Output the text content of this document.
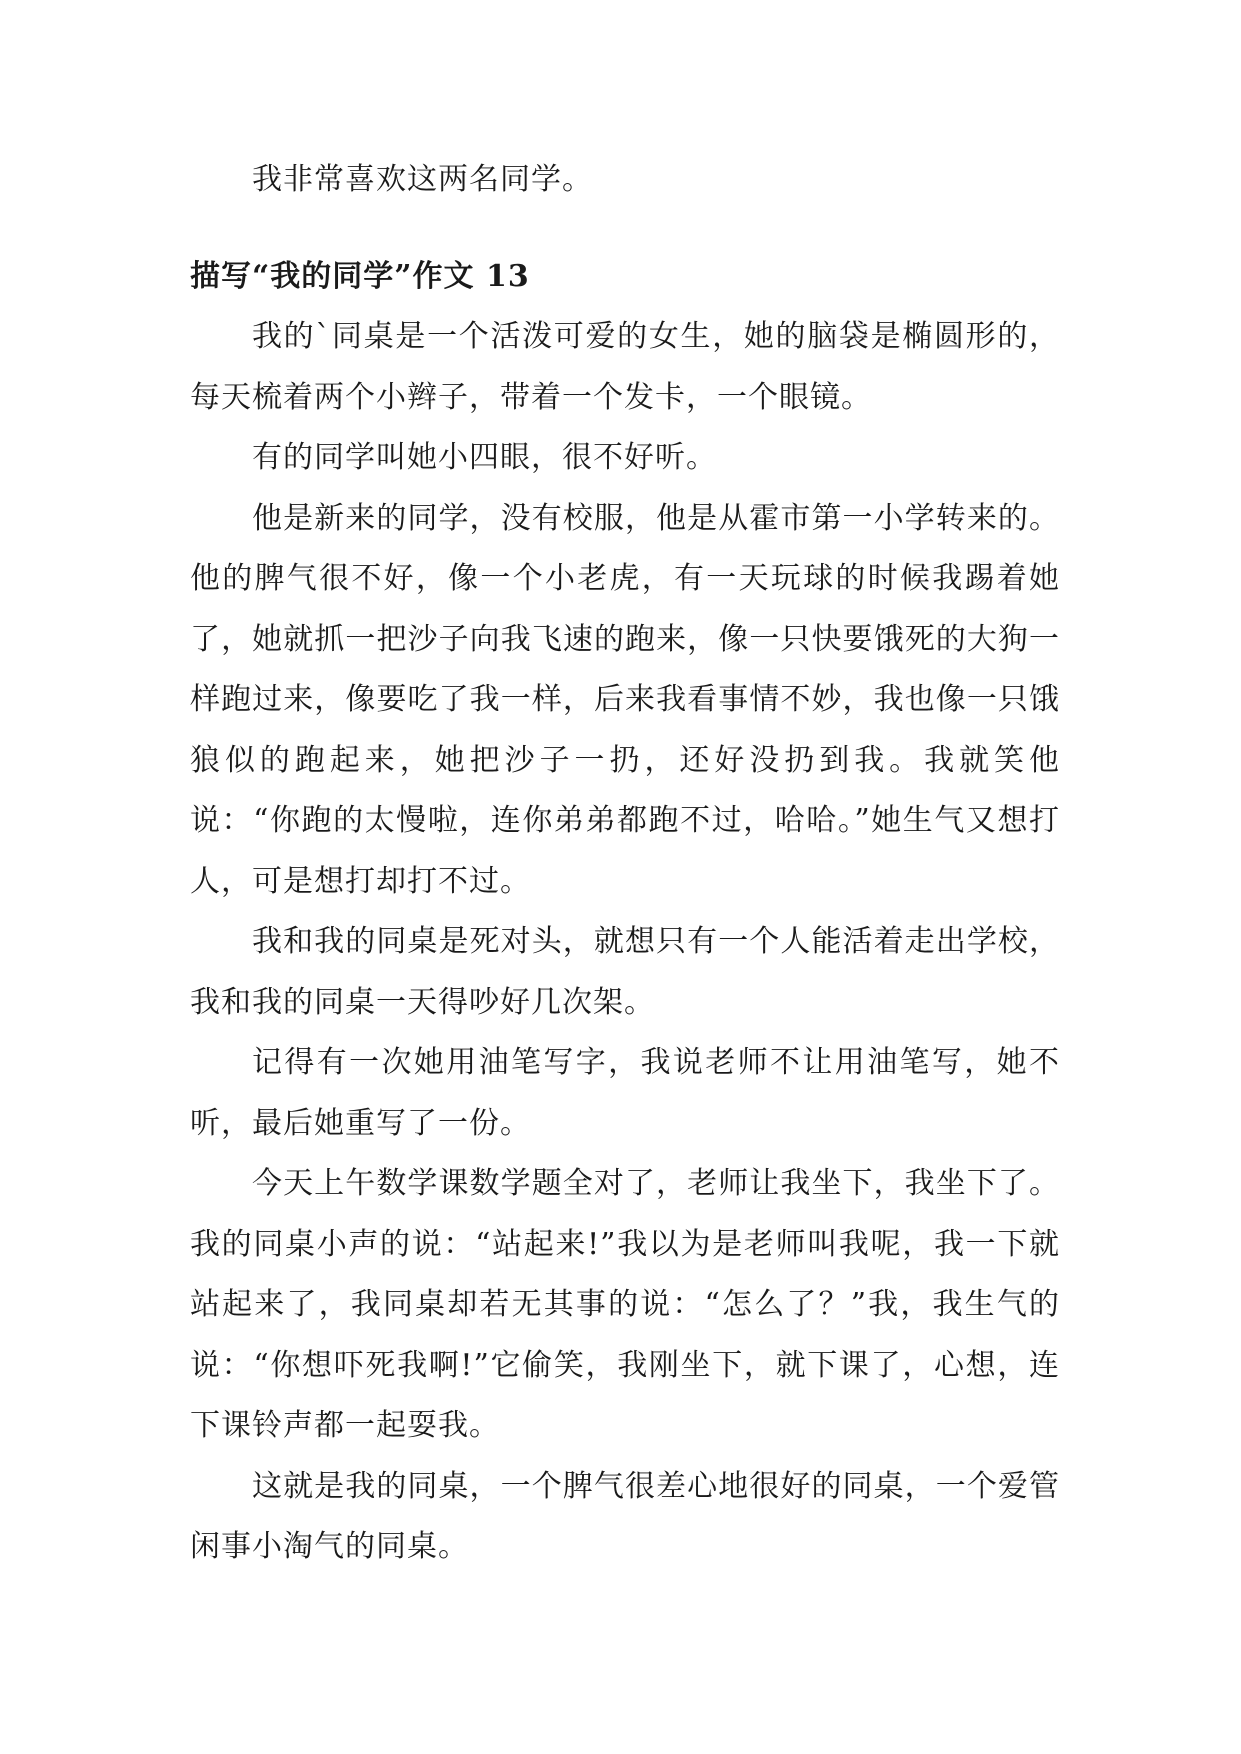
我非常喜欢这两名同学。

描写“我的同学”作文 13

我的`同桌是一个活泼可爱的女生，她的脑袋是椭圆形的，每天梳着两个小辫子，带着一个发卡，一个眼镜。

有的同学叫她小四眼，很不好听。

他是新来的同学，没有校服，他是从霍市第一小学转来的。他的脾气很不好，像一个小老虎，有一天玩球的时候我踢着她了，她就抓一把沙子向我飞速的跑来，像一只快要饿死的大狗一样跑过来，像要吃了我一样，后来我看事情不妙，我也像一只饿狼似的跑起来，她把沙子一扔，还好没扔到我。我就笑他说：“你跑的太慢啦，连你弟弟都跑不过，哈哈。”她生气又想打人，可是想打却打不过。

我和我的同桌是死对头，就想只有一个人能活着走出学校，我和我的同桌一天得吵好几次架。

记得有一次她用油笔写字，我说老师不让用油笔写，她不听，最后她重写了一份。

今天上午数学课数学题全对了，老师让我坐下，我坐下了。我的同桌小声的说：“站起来!”我以为是老师叫我呢，我一下就站起来了，我同桌却若无其事的说：“怎么了？”我，我生气的说：“你想吓死我啊!”它偷笑，我刚坐下，就下课了，心想，连下课铃声都一起耍我。

这就是我的同桌，一个脾气很差心地很好的同桌，一个爱管闲事小淘气的同桌。
